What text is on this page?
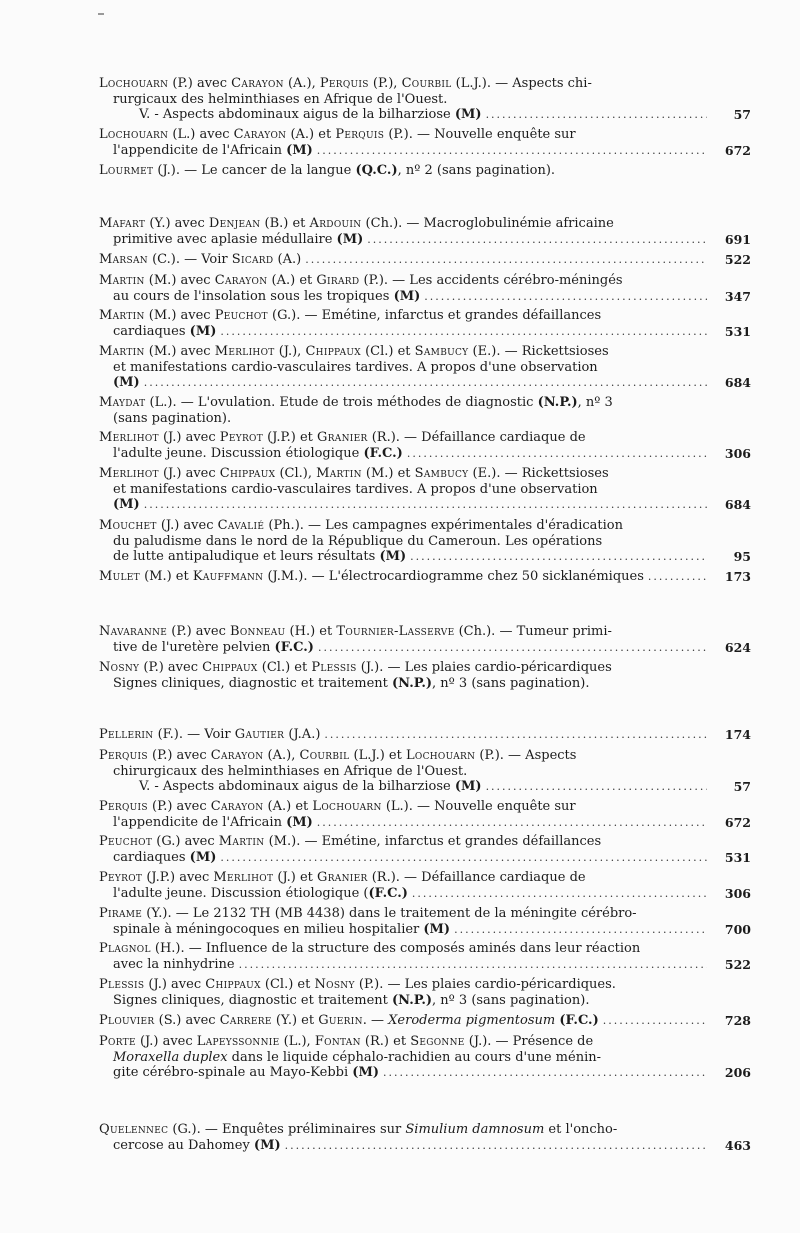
Lochouarn (P.) avec Carayon (A.), Perquis (P.), Courbil (L.J.). — Aspects chi-
rurgicaux des helminthiases en Afrique de l'Ouest.
V. - Aspects abdominaux aigus de la bilharziose (M) .....	57
Lochouarn (L.) avec Carayon (A.) et Perquis (P.). — Nouvelle enquête sur
l'appendicite de l'Africain (M) .....	672
Lourmet (J.). — Le cancer de la langue (Q.C.), nº 2 (sans pagination).
Mafart (Y.) avec Denjean (B.) et Ardouin (Ch.). — Macroglobulinémie africaine
primitive avec aplasie médullaire (M) .....	691
Marsan (C.). — Voir Sicard (A.) .....	522
Martin (M.) avec Carayon (A.) et Girard (P.). — Les accidents cérébro-méningés
au cours de l'insolation sous les tropiques (M) .....	347
Martin (M.) avec Peuchot (G.). — Emétine, infarctus et grandes défaillances
cardiaques (M) .....	531
Martin (M.) avec Merlihot (J.), Chippaux (Cl.) et Sambucy (E.). — Rickettsioses
et manifestations cardio-vasculaires tardives. A propos d'une observation
(M) .....	684
Maydat (L.). — L'ovulation. Etude de trois méthodes de diagnostic (N.P.), nº 3
(sans pagination).
Merlihot (J.) avec Peyrot (J.P.) et Granier (R.). — Défaillance cardiaque de
l'adulte jeune. Discussion étiologique (F.C.) .....	306
Merlihot (J.) avec Chippaux (Cl.), Martin (M.) et Sambucy (E.). — Rickettsioses
et manifestations cardio-vasculaires tardives. A propos d'une observation
(M) .....	684
Mouchet (J.) avec Cavalié (Ph.). — Les campagnes expérimentales d'éradication
du paludisme dans le nord de la République du Cameroun. Les opérations
de lutte antipaludique et leurs résultats (M) .....	95
Mulet (M.) et Kauffmann (J.M.). — L'électrocardiogramme chez 50 sicklanémiques .....	173
Navaranne (P.) avec Bonneau (H.) et Tournier-Lasserve (Ch.). — Tumeur primi-
tive de l'uretère pelvien (F.C.) .....	624
Nosny (P.) avec Chippaux (Cl.) et Plessis (J.). — Les plaies cardio-péricardiques
Signes cliniques, diagnostic et traitement (N.P.), nº 3 (sans pagination).
Pellerin (F.). — Voir Gautier (J.A.) .....	174
Perquis (P.) avec Carayon (A.), Courbil (L.J.) et Lochouarn (P.). — Aspects
chirurgicaux des helminthiases en Afrique de l'Ouest.
V. - Aspects abdominaux aigus de la bilharziose (M) .....	57
Perquis (P.) avec Carayon (A.) et Lochouarn (L.). — Nouvelle enquête sur
l'appendicite de l'Africain (M) .....	672
Peuchot (G.) avec Martin (M.). — Emétine, infarctus et grandes défaillances
cardiaques (M) .....	531
Peyrot (J.P.) avec Merlihot (J.) et Granier (R.). — Défaillance cardiaque de
l'adulte jeune. Discussion étiologique ((F.C.) .....	306
Pirame (Y.). — Le 2132 TH (MB 4438) dans le traitement de la méningite cérébro-
spinale à méningocoques en milieu hospitalier (M) .....	700
Plagnol (H.). — Influence de la structure des composés aminés dans leur réaction
avec la ninhydrine .....	522
Plessis (J.) avec Chippaux (Cl.) et Nosny (P.). — Les plaies cardio-péricardiques.
Signes cliniques, diagnostic et traitement (N.P.), nº 3 (sans pagination).
Plouvier (S.) avec Carrere (Y.) et Guerin. — Xeroderma pigmentosum (F.C.) .....	728
Porte (J.) avec Lapeyssonnie (L.), Fontan (R.) et Segonne (J.). — Présence de
Moraxella duplex dans le liquide céphalo-rachidien au cours d'une ménin-
gite cérébro-spinale au Mayo-Kebbi (M) .....	206
Quelennec (G.). — Enquêtes préliminaires sur Simulium damnosum et l'oncho-
cercose au Dahomey (M) .....	463
